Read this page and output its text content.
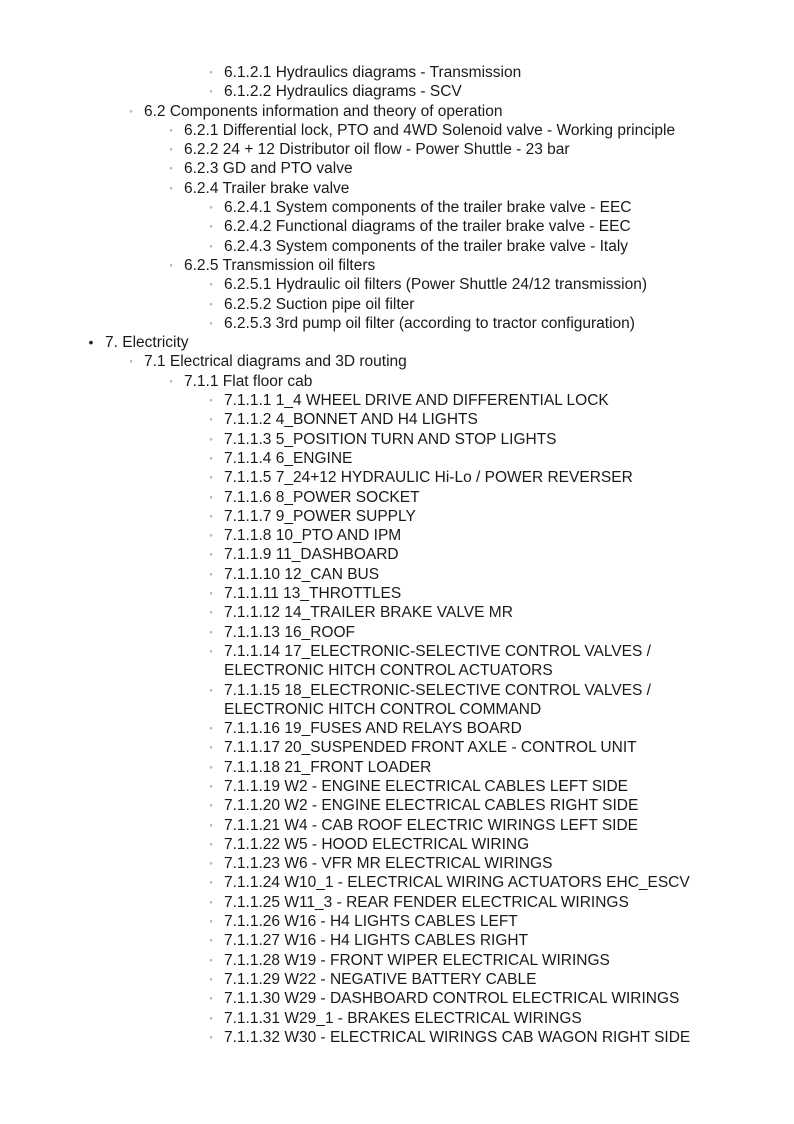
◦ 6.1.2.1 Hydraulics diagrams - Transmission
◦ 6.1.2.2 Hydraulics diagrams - SCV
◦ 6.2 Components information and theory of operation
◦ 6.2.1 Differential lock, PTO and 4WD Solenoid valve - Working principle
◦ 6.2.2 24 + 12 Distributor oil flow - Power Shuttle - 23 bar
◦ 6.2.3 GD and PTO valve
◦ 6.2.4 Trailer brake valve
◦ 6.2.4.1 System components of the trailer brake valve - EEC
◦ 6.2.4.2 Functional diagrams of the trailer brake valve - EEC
◦ 6.2.4.3 System components of the trailer brake valve - Italy
◦ 6.2.5 Transmission oil filters
◦ 6.2.5.1 Hydraulic oil filters (Power Shuttle 24/12 transmission)
◦ 6.2.5.2 Suction pipe oil filter
◦ 6.2.5.3 3rd pump oil filter (according to tractor configuration)
• 7. Electricity
◦ 7.1 Electrical diagrams and 3D routing
◦ 7.1.1 Flat floor cab
◦ 7.1.1.1 1_4 WHEEL DRIVE AND DIFFERENTIAL LOCK
◦ 7.1.1.2 4_BONNET AND H4 LIGHTS
◦ 7.1.1.3 5_POSITION TURN AND STOP LIGHTS
◦ 7.1.1.4 6_ENGINE
◦ 7.1.1.5 7_24+12 HYDRAULIC Hi-Lo / POWER REVERSER
◦ 7.1.1.6 8_POWER SOCKET
◦ 7.1.1.7 9_POWER SUPPLY
◦ 7.1.1.8 10_PTO AND IPM
◦ 7.1.1.9 11_DASHBOARD
◦ 7.1.1.10 12_CAN BUS
◦ 7.1.1.11 13_THROTTLES
◦ 7.1.1.12 14_TRAILER BRAKE VALVE MR
◦ 7.1.1.13 16_ROOF
◦ 7.1.1.14 17_ELECTRONIC-SELECTIVE CONTROL VALVES /
ELECTRONIC HITCH CONTROL ACTUATORS
◦ 7.1.1.15 18_ELECTRONIC-SELECTIVE CONTROL VALVES /
ELECTRONIC HITCH CONTROL COMMAND
◦ 7.1.1.16 19_FUSES AND RELAYS BOARD
◦ 7.1.1.17 20_SUSPENDED FRONT AXLE - CONTROL UNIT
◦ 7.1.1.18 21_FRONT LOADER
◦ 7.1.1.19 W2 - ENGINE ELECTRICAL CABLES LEFT SIDE
◦ 7.1.1.20 W2 - ENGINE ELECTRICAL CABLES RIGHT SIDE
◦ 7.1.1.21 W4 - CAB ROOF ELECTRIC WIRINGS LEFT SIDE
◦ 7.1.1.22 W5 - HOOD ELECTRICAL WIRING
◦ 7.1.1.23 W6 - VFR MR ELECTRICAL WIRINGS
◦ 7.1.1.24 W10_1 - ELECTRICAL WIRING ACTUATORS EHC_ESCV
◦ 7.1.1.25 W11_3 - REAR FENDER ELECTRICAL WIRINGS
◦ 7.1.1.26 W16 - H4 LIGHTS CABLES LEFT
◦ 7.1.1.27 W16 - H4 LIGHTS CABLES RIGHT
◦ 7.1.1.28 W19 - FRONT WIPER ELECTRICAL WIRINGS
◦ 7.1.1.29 W22 - NEGATIVE BATTERY CABLE
◦ 7.1.1.30 W29 - DASHBOARD CONTROL ELECTRICAL WIRINGS
◦ 7.1.1.31 W29_1 - BRAKES ELECTRICAL WIRINGS
◦ 7.1.1.32 W30 - ELECTRICAL WIRINGS CAB WAGON RIGHT SIDE
